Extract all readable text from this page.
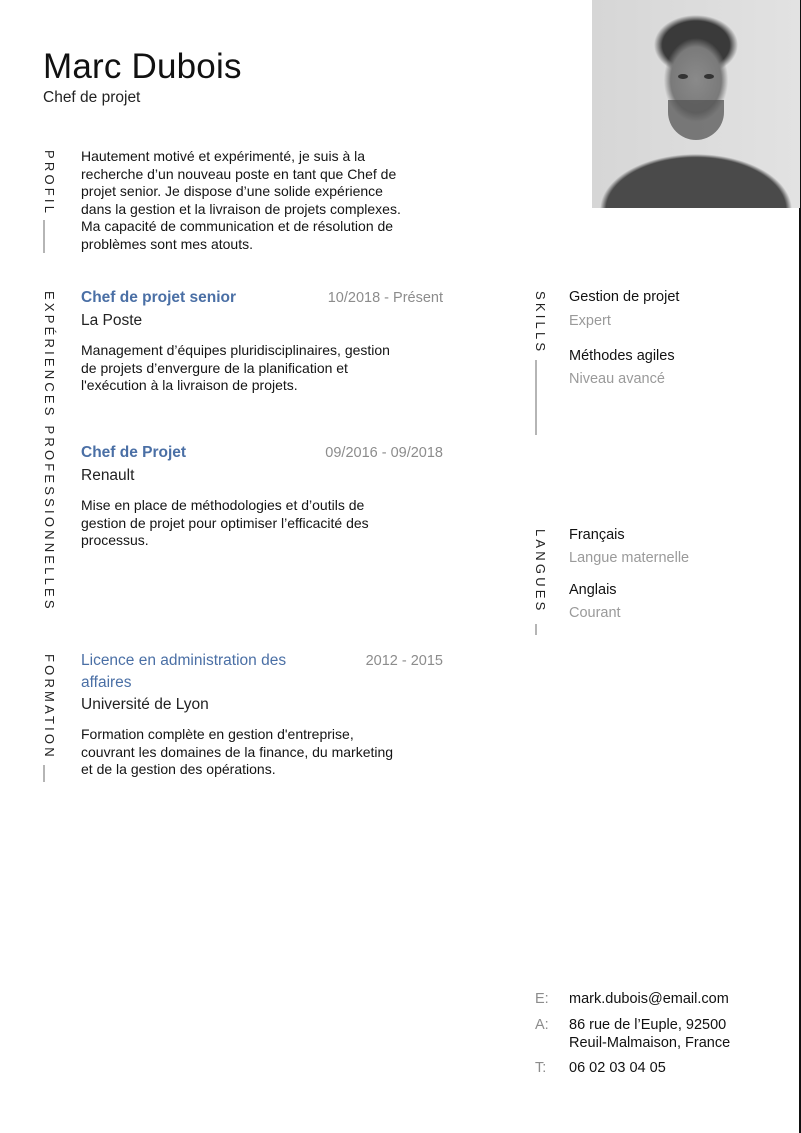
Marc Dubois
Chef de projet
PROFIL Hautement motivé et expérimenté, je suis à la
recherche d’un nouveau poste en tant que Chef de
projet senior. Je dispose d’une solide expérience
dans la gestion et la livraison de projets complexes.
Ma capacité de communication et de résolution de
problèmes sont mes atouts.
EXPÉRIENCES PROFESSIONNELLES Chef de projet senior	10/2018 - Présent
La Poste
Management d’équipes pluridisciplinaires, gestion
de projets d’envergure de la planification et
l'exécution à la livraison de projets.
Chef de Projet	09/2016 - 09/2018
Renault
Mise en place de méthodologies et d’outils de
gestion de projet pour optimiser l’efficacité des
processus.
FORMATION Licence en administration des
affaires
2012 - 2015
Université de Lyon
Formation complète en gestion d'entreprise,
couvrant les domaines de la finance, du marketing
et de la gestion des opérations.
SKILLS Gestion de projet
Expert
Méthodes agiles
Niveau avancé
LANGUES Français
Langue maternelle
Anglais
Courant
E: mark.dubois@email.com
A: 86 rue de l’Euple, 92500
Reuil-Malmaison, France
T: 06 02 03 04 05
